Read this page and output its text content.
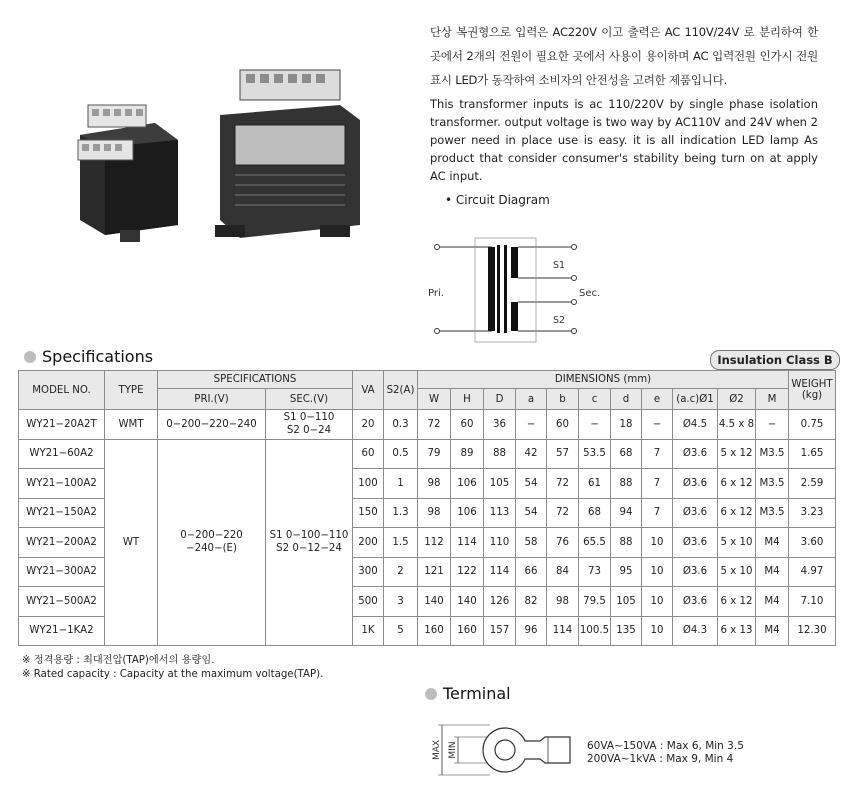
단상 복권형으로 입력은 AC220V 이고 출력은 AC 110V/24V 로 분리하여 한곳에서 2개의 전원이 필요한 곳에서 사용이 용이하며 AC 입력전원 인가시 전원 표시 LED가 동작하여 소비자의 안전성을 고려한 제품입니다.
This transformer inputs is ac 110/220V by single phase isolation transformer. output voltage is two way by AC110V and 24V when 2 power need in place use is easy. it is all indication LED lamp As product that consider consumer's stability being turn on at apply AC input.
• Circuit Diagram
Pri.	Sec.
S1
S2
Specifications	Insulation Class B
MODEL NO.	TYPE	SPECIFICATIONS		VA	S2(A)	DIMENSIONS (mm)											WEIGHT
(kg)
		PRI.(V)	SEC.(V)			W	H	D	a	b	c	d	e	(a.c)Ø1	Ø2	M	
WY21−20A2T	WMT	0−200−220−240	S1 0−110
S2 0−24	20	0.3	72	60	36	−	60	−	18	−	Ø4.5	4.5 x 8	−	0.75
WY21−60A2	WT	0−200−220
−240−(E)	S1 0−100−110
S2 0−12−24	60	0.5	79	89	88	42	57	53.5	68	7	Ø3.6	5 x 12	M3.5	1.65
WY21−100A2				100	1	98	106	105	54	72	61	88	7	Ø3.6	6 x 12	M3.5	2.59
WY21−150A2				150	1.3	98	106	113	54	72	68	94	7	Ø3.6	6 x 12	M3.5	3.23
WY21−200A2				200	1.5	112	114	110	58	76	65.5	88	10	Ø3.6	5 x 10	M4	3.60
WY21−300A2				300	2	121	122	114	66	84	73	95	10	Ø3.6	5 x 10	M4	4.97
WY21−500A2				500	3	140	140	126	82	98	79.5	105	10	Ø3.6	6 x 12	M4	7.10
WY21−1KA2				1K	5	160	160	157	96	114	100.5	135	10	Ø4.3	6 x 13	M4	12.30
※ 정격용량 : 최대전압(TAP)에서의 용량임.
※ Rated capacity : Capacity at the maximum voltage(TAP).
Terminal
MAX MIN	60VA~150VA : Max 6, Min 3.5
200VA~1kVA : Max 9, Min 4
